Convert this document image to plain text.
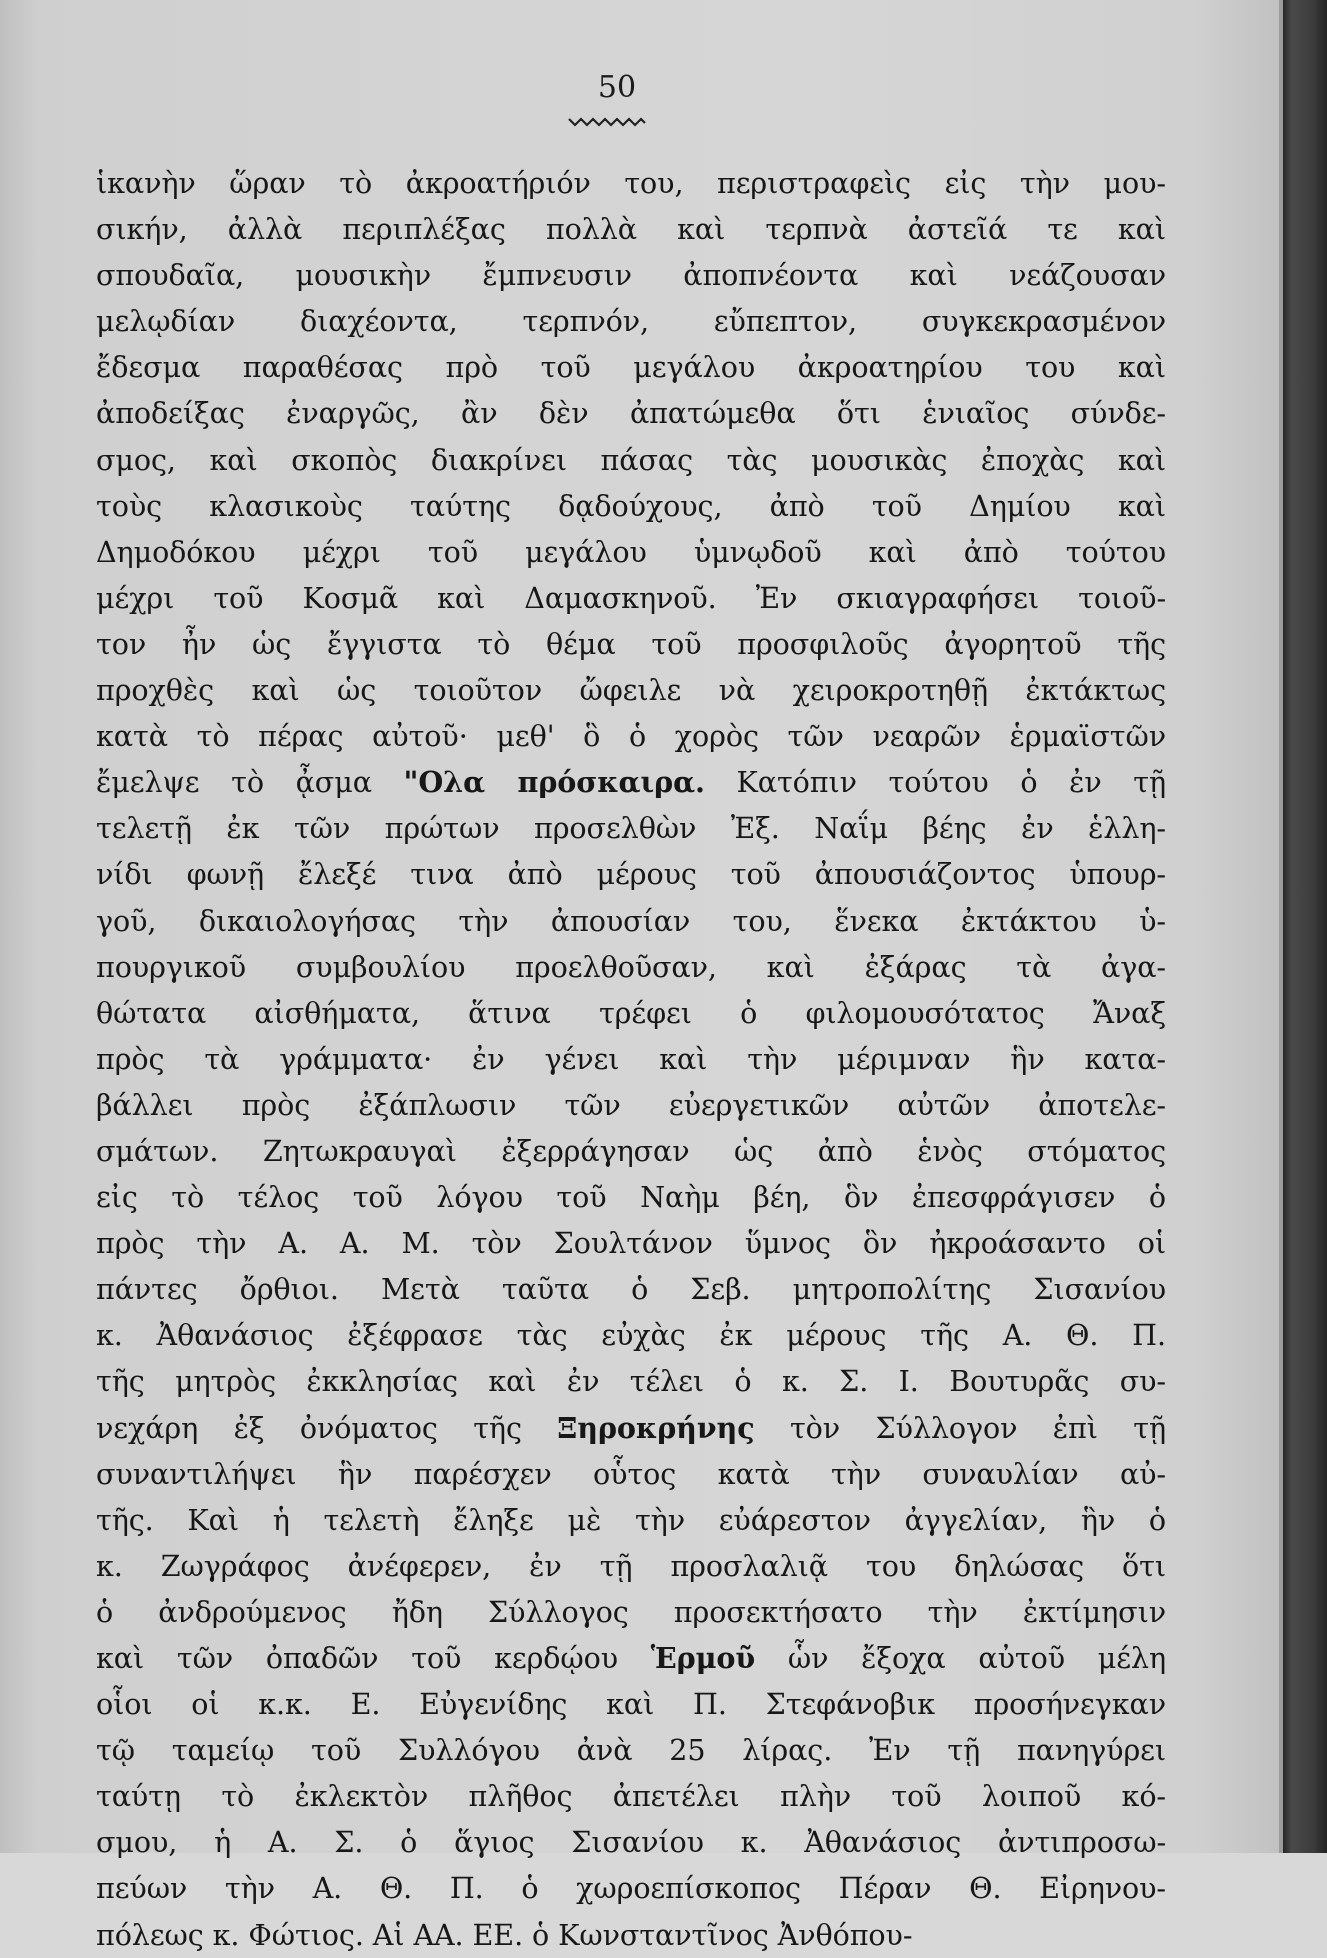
50
ἱκανὴν ὥραν τὸ ἀκροατήριόν του, περιστραφεὶς εἰς τὴν μου-
σικήν, ἀλλὰ περιπλέξας πολλὰ καὶ τερπνὰ ἀστεῖά τε καὶ
σπουδαῖα, μουσικὴν ἔμπνευσιν ἀποπνέοντα καὶ νεάζουσαν
μελῳδίαν διαχέοντα, τερπνόν, εὔπεπτον, συγκεκρασμένον
ἔδεσμα παραθέσας πρὸ τοῦ μεγάλου ἀκροατηρίου του καὶ
ἀποδείξας ἐναργῶς, ἂν δὲν ἀπατώμεθα ὅτι ἑνιαῖος σύνδε-
σμος, καὶ σκοπὸς διακρίνει πάσας τὰς μουσικὰς ἐποχὰς καὶ
τοὺς κλασικοὺς ταύτης δᾳδούχους, ἀπὸ τοῦ Δημίου καὶ
Δημοδόκου μέχρι τοῦ μεγάλου ὑμνῳδοῦ καὶ ἀπὸ τούτου
μέχρι τοῦ Κοσμᾶ καὶ Δαμασκηνοῦ. Ἐν σκιαγραφήσει τοιοῦ-
τον ἦν ὡς ἔγγιστα τὸ θέμα τοῦ προσφιλοῦς ἀγορητοῦ τῆς
προχθὲς καὶ ὡς τοιοῦτον ὤφειλε νὰ χειροκροτηθῇ ἐκτάκτως
κατὰ τὸ πέρας αὐτοῦ· μεθ' ὃ ὁ χορὸς τῶν νεαρῶν ἑρμαϊστῶν
ἔμελψε τὸ ᾆσμα "Ολα πρόσκαιρα. Κατόπιν τούτου ὁ ἐν τῇ
τελετῇ ἐκ τῶν πρώτων προσελθὼν Ἐξ. Ναΐμ βέης ἐν ἑλλη-
νίδι φωνῇ ἔλεξέ τινα ἀπὸ μέρους τοῦ ἀπουσιάζοντος ὑπουρ-
γοῦ, δικαιολογήσας τὴν ἀπουσίαν του, ἕνεκα ἐκτάκτου ὑ-
πουργικοῦ συμβουλίου προελθοῦσαν, καὶ ἐξάρας τὰ ἀγα-
θώτατα αἰσθήματα, ἅτινα τρέφει ὁ φιλομουσότατος Ἄναξ
πρὸς τὰ γράμματα· ἐν γένει καὶ τὴν μέριμναν ἣν κατα-
βάλλει πρὸς ἐξάπλωσιν τῶν εὐεργετικῶν αὐτῶν ἀποτελε-
σμάτων. Ζητωκραυγαὶ ἐξερράγησαν ὡς ἀπὸ ἑνὸς στόματος
εἰς τὸ τέλος τοῦ λόγου τοῦ Ναὴμ βέη, ὃν ἐπεσφράγισεν ὁ
πρὸς τὴν Α. Α. Μ. τὸν Σουλτάνον ὕμνος ὃν ἠκροάσαντο οἱ
πάντες ὄρθιοι. Μετὰ ταῦτα ὁ Σεβ. μητροπολίτης Σισανίου
κ. Ἀθανάσιος ἐξέφρασε τὰς εὐχὰς ἐκ μέρους τῆς Α. Θ. Π.
τῆς μητρὸς ἐκκλησίας καὶ ἐν τέλει ὁ κ. Σ. Ι. Βουτυρᾶς συ-
νεχάρη ἐξ ὀνόματος τῆς Ξηροκρήνης τὸν Σύλλογον ἐπὶ τῇ
συναντιλήψει ἣν παρέσχεν οὗτος κατὰ τὴν συναυλίαν αὐ-
τῆς. Καὶ ἡ τελετὴ ἔληξε μὲ τὴν εὐάρεστον ἀγγελίαν, ἣν ὁ
κ. Ζωγράφος ἀνέφερεν, ἐν τῇ προσλαλιᾷ του δηλώσας ὅτι
ὁ ἀνδρούμενος ἤδη Σύλλογος προσεκτήσατο τὴν ἐκτίμησιν
καὶ τῶν ὀπαδῶν τοῦ κερδῴου Ἑρμοῦ ὧν ἔξοχα αὐτοῦ μέλη
οἷοι οἱ κ.κ. Ε. Εὐγενίδης καὶ Π. Στεφάνοβικ προσήνεγκαν
τῷ ταμείῳ τοῦ Συλλόγου ἀνὰ 25 λίρας. Ἐν τῇ πανηγύρει
ταύτῃ τὸ ἐκλεκτὸν πλῆθος ἀπετέλει πλὴν τοῦ λοιποῦ κό-
σμου, ἡ Α. Σ. ὁ ἅγιος Σισανίου κ. Ἀθανάσιος ἀντιπροσω-
πεύων τὴν Α. Θ. Π. ὁ χωροεπίσκοπος Πέραν Θ. Εἰρηνου-
πόλεως κ. Φώτιος. Αἱ ΑΑ. ΕΕ. ὁ Κωνσταντῖνος Ἀνθόπου-
